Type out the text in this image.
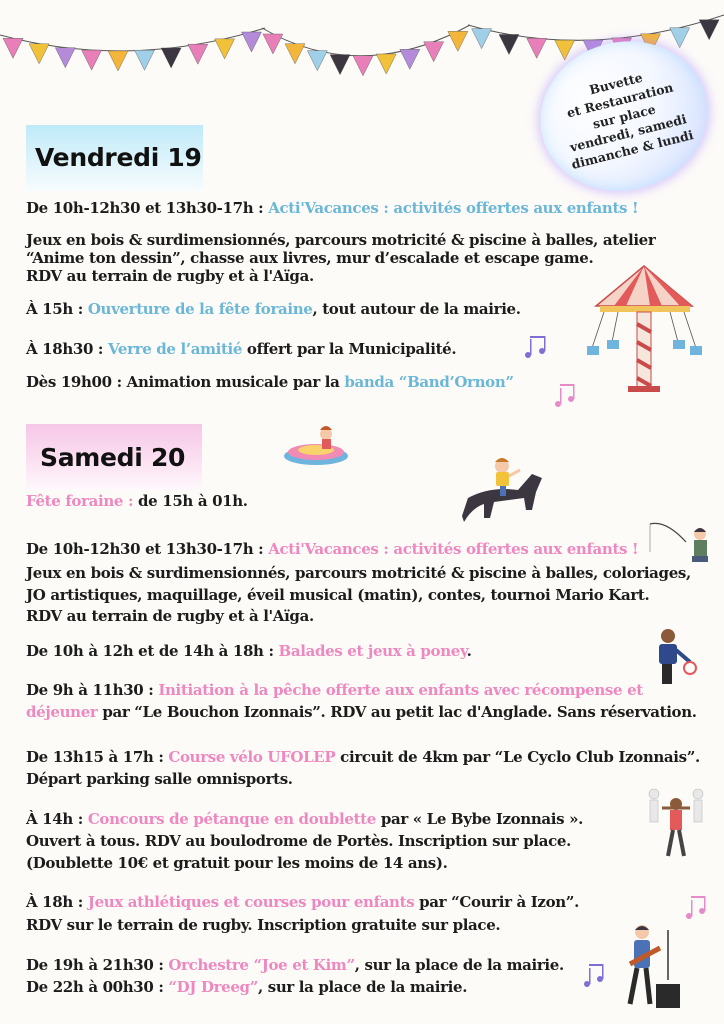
Buvette
et Restauration
sur place
vendredi, samedi
dimanche & lundi
Vendredi 19
De 10h-12h30 et 13h30-17h : Acti'Vacances : activités offertes aux enfants !
Jeux en bois & surdimensionnés, parcours motricité & piscine à balles, atelier
“Anime ton dessin”, chasse aux livres, mur d’escalade et escape game.
RDV au terrain de rugby et à l'Aïga.
À 15h : Ouverture de la fête foraine, tout autour de la mairie.
À 18h30 : Verre de l’amitié offert par la Municipalité.
Dès 19h00 : Animation musicale par la banda “Band’Ornon”
Samedi 20
Fête foraine : de 15h à 01h.
De 10h-12h30 et 13h30-17h : Acti'Vacances : activités offertes aux enfants !
Jeux en bois & surdimensionnés, parcours motricité & piscine à balles, coloriages,
JO artistiques, maquillage, éveil musical (matin), contes, tournoi Mario Kart.
RDV au terrain de rugby et à l'Aïga.
De 10h à 12h et de 14h à 18h : Balades et jeux à poney.
De 9h à 11h30 : Initiation à la pêche offerte aux enfants avec récompense et
déjeuner par “Le Bouchon Izonnais”. RDV au petit lac d'Anglade. Sans réservation.
De 13h15 à 17h : Course vélo UFOLEP circuit de 4km par “Le Cyclo Club Izonnais”.
Départ parking salle omnisports.
À 14h : Concours de pétanque en doublette par « Le Bybe Izonnais ».
Ouvert à tous. RDV au boulodrome de Portès. Inscription sur place.
(Doublette 10€ et gratuit pour les moins de 14 ans).
À 18h : Jeux athlétiques et courses pour enfants par “Courir à Izon”.
RDV sur le terrain de rugby. Inscription gratuite sur place.
De 19h à 21h30 : Orchestre “Joe et Kim”, sur la place de la mairie.
De 22h à 00h30 : “DJ Dreeg”, sur la place de la mairie.
